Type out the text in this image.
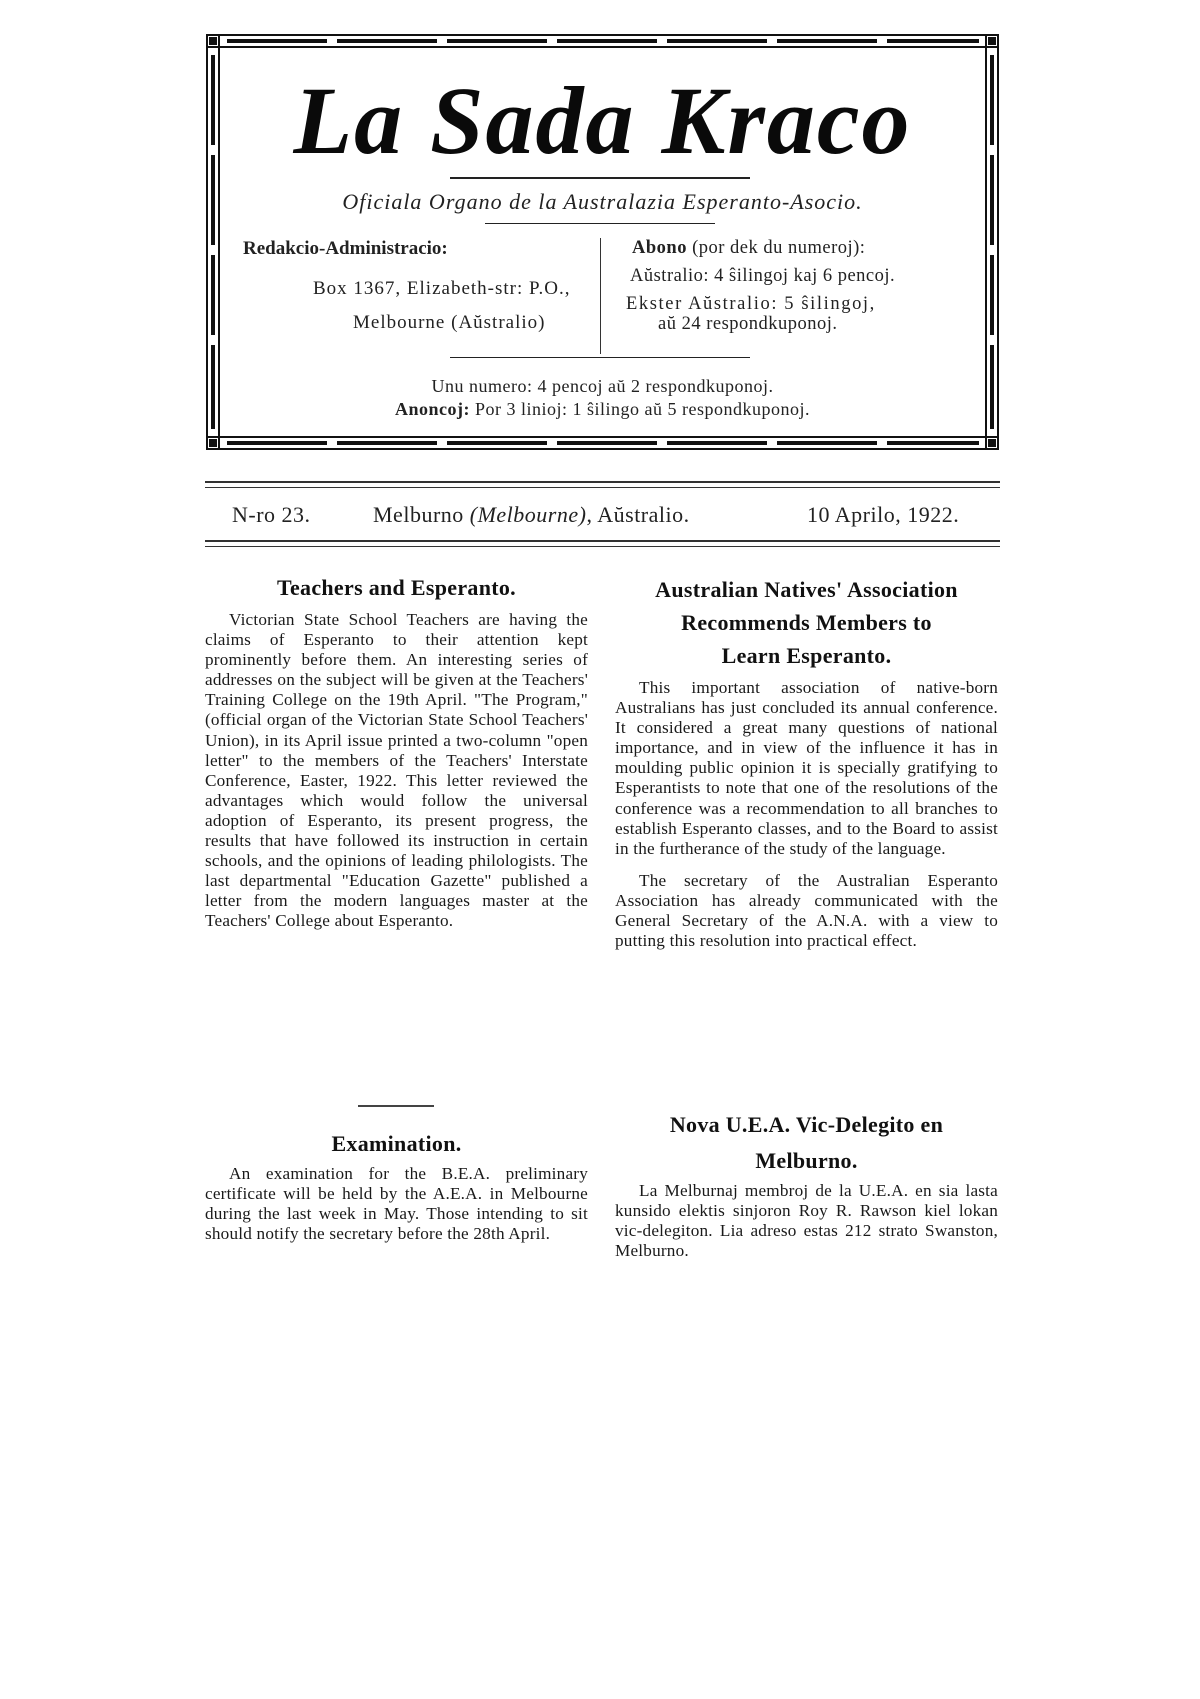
La Sada Kraco
Oficiala Organo de la Australazia Esperanto-Asocio.
Redakcio-Administracio:
Box 1367, Elizabeth-str: P.O.,
Melbourne (Aŭstralio)
Abono (por dek du numeroj):
Aŭstralio: 4 ŝilingoj kaj 6 pencoj.
Ekster Aŭstralio: 5 ŝilingoj,
aŭ 24 respondkuponoj.
Unu numero: 4 pencoj aŭ 2 respondkuponoj.
Anoncoj: Por 3 linioj: 1 ŝilingo aŭ 5 respondkuponoj.
N-ro 23.	Melburno (Melbourne), Aŭstralio.	10 Aprilo, 1922.
Teachers and Esperanto.

Victorian State School Teachers are having the claims of Esperanto to their attention kept prominently before them. An interesting series of addresses on the subject will be given at the Teachers' Training College on the 19th April. "The Program," (official organ of the Victorian State School Teachers' Union), in its April issue printed a two-column "open letter" to the members of the Teachers' Interstate Conference, Easter, 1922. This letter reviewed the advantages which would follow the universal adoption of Esperanto, its present progress, the results that have followed its instruction in certain schools, and the opinions of leading philologists. The last departmental "Education Gazette" published a letter from the modern languages master at the Teachers' College about Esperanto.

Examination.

An examination for the B.E.A. preliminary certificate will be held by the A.E.A. in Melbourne during the last week in May. Those intending to sit should notify the secretary before the 28th April.

Australian Natives' Association
Recommends Members to
Learn Esperanto.

This important association of native-born Australians has just concluded its annual conference. It considered a great many questions of national importance, and in view of the influence it has in moulding public opinion it is specially gratifying to Esperantists to note that one of the resolutions of the conference was a recommendation to all branches to establish Esperanto classes, and to the Board to assist in the furtherance of the study of the language.

The secretary of the Australian Esperanto Association has already communicated with the General Secretary of the A.N.A. with a view to putting this resolution into practical effect.

Nova U.E.A. Vic-Delegito en
Melburno.

La Melburnaj membroj de la U.E.A. en sia lasta kunsido elektis sinjoron Roy R. Rawson kiel lokan vic-delegiton. Lia adreso estas 212 strato Swanston, Melburno.
